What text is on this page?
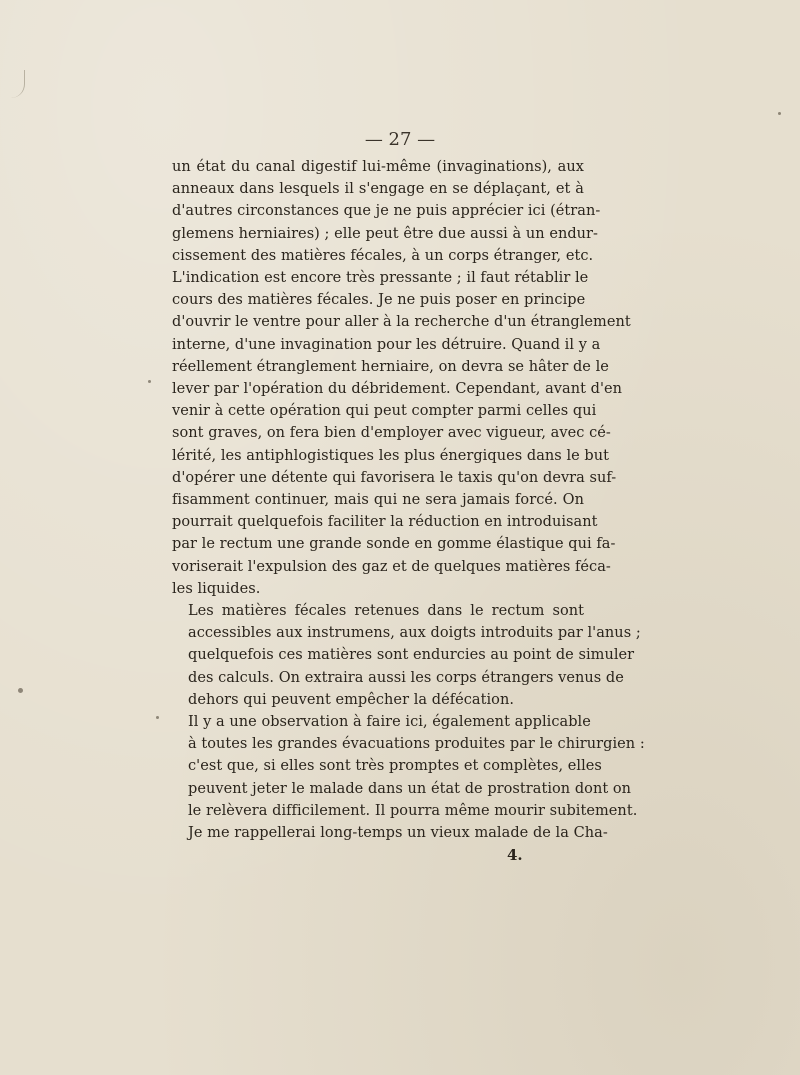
— 27 —

un état du canal digestif lui-même (invaginations), aux
anneaux dans lesquels il s'engage en se déplaçant, et à
d'autres circonstances que je ne puis apprécier ici (étran-
glemens herniaires) ; elle peut être due aussi à un endur-
cissement des matières fécales, à un corps étranger, etc.
L'indication est encore très pressante ; il faut rétablir le
cours des matières fécales. Je ne puis poser en principe
d'ouvrir le ventre pour aller à la recherche d'un étranglement
interne, d'une invagination pour les détruire. Quand il y a
réellement étranglement herniaire, on devra se hâter de le
lever par l'opération du débridement. Cependant, avant d'en
venir à cette opération qui peut compter parmi celles qui
sont graves, on fera bien d'employer avec vigueur, avec cé-
lérité, les antiphlogistiques les plus énergiques dans le but
d'opérer une détente qui favorisera le taxis qu'on devra suf-
fisamment continuer, mais qui ne sera jamais forcé. On
pourrait quelquefois faciliter la réduction en introduisant
par le rectum une grande sonde en gomme élastique qui fa-
voriserait l'expulsion des gaz et de quelques matières féca-
les liquides.

Les matières fécales retenues dans le rectum sont
accessibles aux instrumens, aux doigts introduits par l'anus ;
quelquefois ces matières sont endurcies au point de simuler
des calculs. On extraira aussi les corps étrangers venus de
dehors qui peuvent empêcher la défécation.

Il y a une observation à faire ici, également applicable
à toutes les grandes évacuations produites par le chirurgien :
c'est que, si elles sont très promptes et complètes, elles
peuvent jeter le malade dans un état de prostration dont on
le relèvera difficilement. Il pourra même mourir subitement.
Je me rappellerai long-temps un vieux malade de la Cha-

4.
